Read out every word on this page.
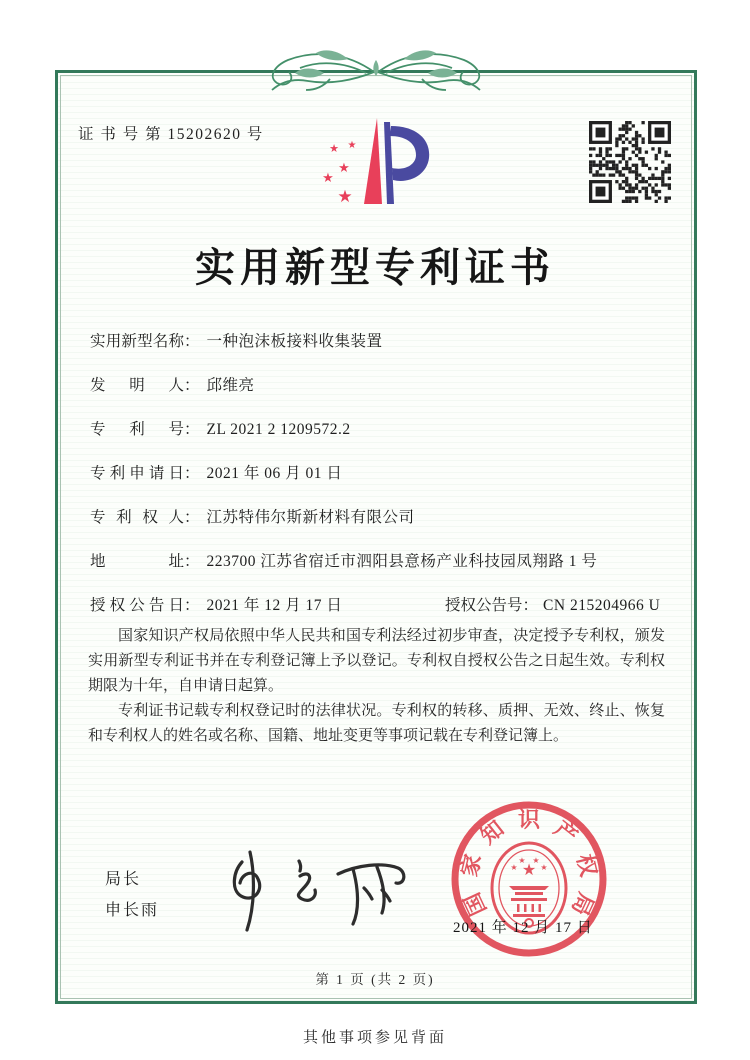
证 书 号 第 15202620 号
★ ★
★
★
★
实用新型专利证书
实用新型名称： 一种泡沫板接料收集装置
发明人： 邱维亮
专利号： ZL 2021 2 1209572.2
专利申请日： 2021 年 06 月 01 日
专利权人： 江苏特伟尔斯新材料有限公司
地址： 223700 江苏省宿迁市泗阳县意杨产业科技园凤翔路 1 号
授权公告日： 2021 年 12 月 17 日	授权公告号： CN 215204966 U

国家知识产权局依照中华人民共和国专利法经过初步审查，决定授予专利权，颁发实用新型专利证书并在专利登记簿上予以登记。专利权自授权公告之日起生效。专利权期限为十年，自申请日起算。

专利证书记载专利权登记时的法律状况。专利权的转移、质押、无效、终止、恢复和专利权人的姓名或名称、国籍、地址变更等事项记载在专利登记簿上。

局长
申长雨	国
家
知 识 产
权
局
★
★
★ ★
★
2021 年 12 月 17 日
第 1 页 (共 2 页)
其他事项参见背面
